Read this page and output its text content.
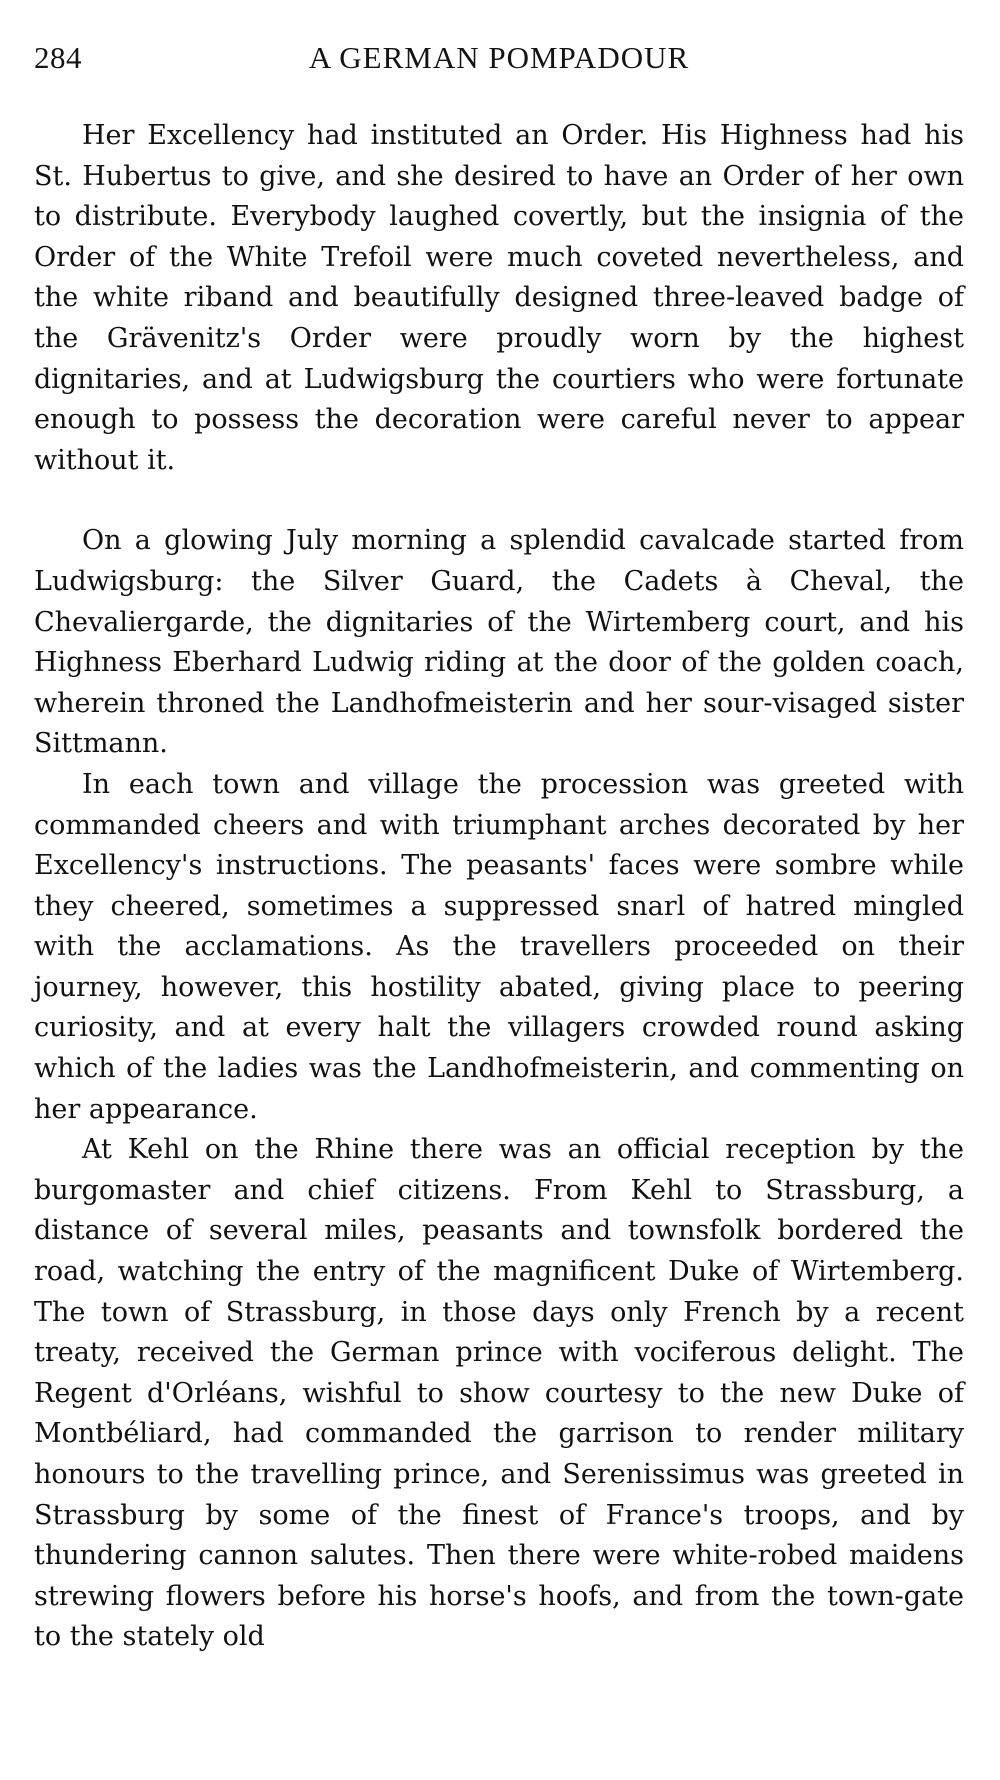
284	A GERMAN POMPADOUR

Her Excellency had instituted an Order. His Highness had his St. Hubertus to give, and she desired to have an Order of her own to distribute. Everybody laughed covertly, but the insignia of the Order of the White Trefoil were much coveted nevertheless, and the white riband and beautifully designed three-leaved badge of the Grävenitz's Order were proudly worn by the highest dignitaries, and at Ludwigsburg the courtiers who were fortunate enough to possess the decoration were careful never to appear without it.

On a glowing July morning a splendid cavalcade started from Ludwigsburg: the Silver Guard, the Cadets à Cheval, the Chevaliergarde, the dignitaries of the Wirtemberg court, and his Highness Eberhard Ludwig riding at the door of the golden coach, wherein throned the Landhofmeisterin and her sour-visaged sister Sittmann.

In each town and village the procession was greeted with commanded cheers and with triumphant arches decorated by her Excellency's instructions. The peasants' faces were sombre while they cheered, sometimes a suppressed snarl of hatred mingled with the acclamations. As the travellers proceeded on their journey, however, this hostility abated, giving place to peering curiosity, and at every halt the villagers crowded round asking which of the ladies was the Landhofmeisterin, and commenting on her appearance.

At Kehl on the Rhine there was an official reception by the burgomaster and chief citizens. From Kehl to Strassburg, a distance of several miles, peasants and townsfolk bordered the road, watching the entry of the magnificent Duke of Wirtemberg. The town of Strassburg, in those days only French by a recent treaty, received the German prince with vociferous delight. The Regent d'Orléans, wishful to show courtesy to the new Duke of Montbéliard, had commanded the garrison to render military honours to the travelling prince, and Serenissimus was greeted in Strassburg by some of the finest of France's troops, and by thundering cannon salutes. Then there were white-robed maidens strewing flowers before his horse's hoofs, and from the town-gate to the stately old
